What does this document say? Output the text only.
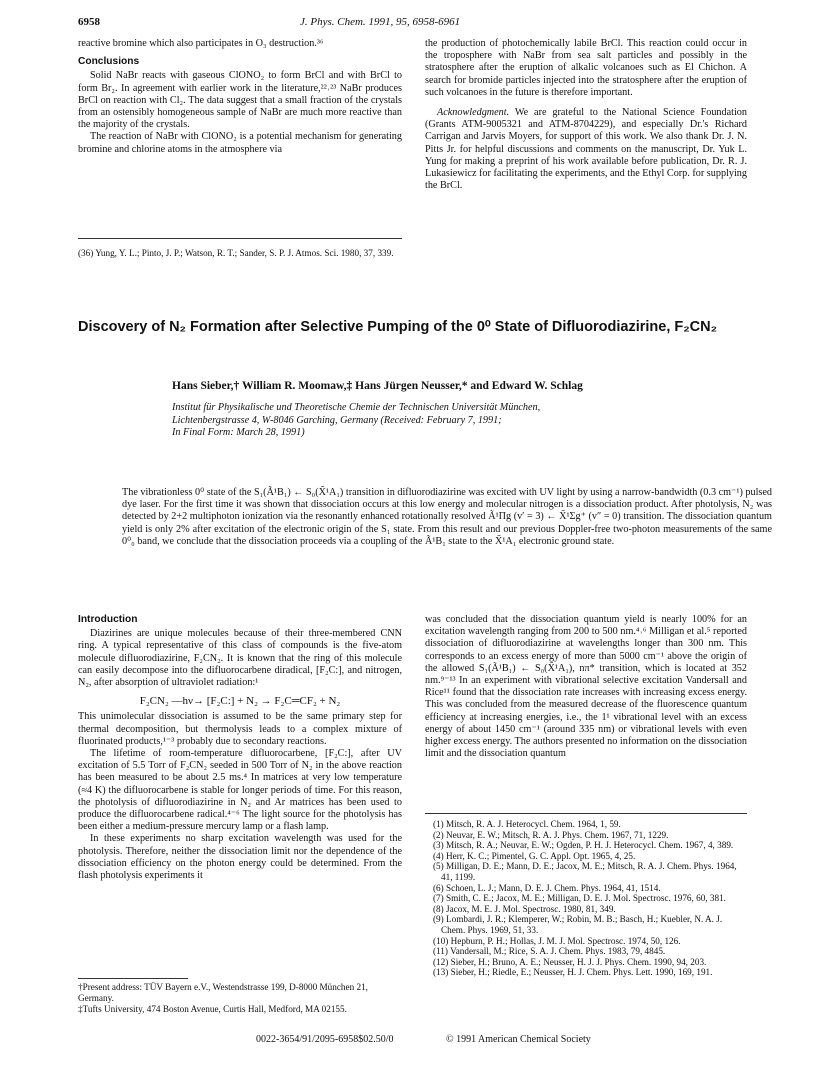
6958	J. Phys. Chem. 1991, 95, 6958-6961

reactive bromine which also participates in O₃ destruction.³⁶

Conclusions

Solid NaBr reacts with gaseous ClONO₂ to form BrCl and with BrCl to form Br₂. In agreement with earlier work in the literature,²²˒²³ NaBr produces BrCl on reaction with Cl₂. The data suggest that a small fraction of the crystals from an ostensibly homogeneous sample of NaBr are much more reactive than the majority of the crystals.

The reaction of NaBr with ClONO₂ is a potential mechanism for generating bromine and chlorine atoms in the atmosphere via

(36) Yung, Y. L.; Pinto, J. P.; Watson, R. T.; Sander, S. P. J. Atmos. Sci. 1980, 37, 339.

the production of photochemically labile BrCl. This reaction could occur in the troposphere with NaBr from sea salt particles and possibly in the stratosphere after the eruption of alkalic volcanoes such as El Chichon. A search for bromide particles injected into the stratosphere after the eruption of such volcanoes in the future is therefore important.

Acknowledgment. We are grateful to the National Science Foundation (Grants ATM-9005321 and ATM-8704229), and especially Dr.'s Richard Carrigan and Jarvis Moyers, for support of this work. We also thank Dr. J. N. Pitts Jr. for helpful discussions and comments on the manuscript, Dr. Yuk L. Yung for making a preprint of his work available before publication, Dr. R. J. Lukasiewicz for facilitating the experiments, and the Ethyl Corp. for supplying the BrCl.

Discovery of N₂ Formation after Selective Pumping of the 0⁰ State of Difluorodiazirine, F₂CN₂
Hans Sieber,† William R. Moomaw,‡ Hans Jürgen Neusser,* and Edward W. Schlag
Institut für Physikalische und Theoretische Chemie der Technischen Universität München,
Lichtenbergstrasse 4, W-8046 Garching, Germany (Received: February 7, 1991;
In Final Form: March 28, 1991)
The vibrationless 0⁰ state of the S₁(Ã¹B₁) ← S₀(X̃¹A₁) transition in difluorodiazirine was excited with UV light by using a narrow-bandwidth (0.3 cm⁻¹) pulsed dye laser. For the first time it was shown that dissociation occurs at this low energy and molecular nitrogen is a dissociation product. After photolysis, N₂ was detected by 2+2 multiphoton ionization via the resonantly enhanced rotationally resolved Ã¹Πg (v′ = 3) ← X̃¹Σg⁺ (v″ = 0) transition. The dissociation quantum yield is only 2% after excitation of the electronic origin of the S₁ state. From this result and our previous Doppler-free two-photon measurements of the same 0⁰₀ band, we conclude that the dissociation proceeds via a coupling of the Ã¹B₁ state to the X̃¹A₁ electronic ground state.
Introduction

Diazirines are unique molecules because of their three-membered CNN ring. A typical representative of this class of compounds is the five-atom molecule difluorodiazirine, F₂CN₂. It is known that the ring of this molecule can easily decompose into the difluorocarbene diradical, [F₂C:], and nitrogen, N₂, after absorption of ultraviolet radiation:¹

F₂CN₂ —hν→ [F₂C:] + N₂ → F₂C═CF₂ + N₂

This unimolecular dissociation is assumed to be the same primary step for thermal decomposition, but thermolysis leads to a complex mixture of fluorinated products,¹⁻³ probably due to secondary reactions.

The lifetime of room-temperature difluorocarbene, [F₂C:], after UV excitation of 5.5 Torr of F₂CN₂ seeded in 500 Torr of N₂ in the above reaction has been measured to be about 2.5 ms.⁴ In matrices at very low temperature (≈4 K) the difluorocarbene is stable for longer periods of time. For this reason, the photolysis of difluorodiazirine in N₂ and Ar matrices has been used to produce the difluorocarbene radical.⁴⁻⁶ The light source for the photolysis has been either a medium-pressure mercury lamp or a flash lamp.

In these experiments no sharp excitation wavelength was used for the photolysis. Therefore, neither the dissociation limit nor the dependence of the dissociation efficiency on the photon energy could be determined. From the flash photolysis experiments it

†Present address: TÜV Bayern e.V., Westendstrasse 199, D-8000 München 21, Germany.
‡Tufts University, 474 Boston Avenue, Curtis Hall, Medford, MA 02155.

was concluded that the dissociation quantum yield is nearly 100% for an excitation wavelength ranging from 200 to 500 nm.⁴˒⁶ Milligan et al.⁵ reported dissociation of difluorodiazirine at wavelengths longer than 300 nm. This corresponds to an excess energy of more than 5000 cm⁻¹ above the origin of the allowed S₁(Ã¹B₁) ← S₀(X̃¹A₁), nπ* transition, which is located at 352 nm.⁹⁻¹³ In an experiment with vibrational selective excitation Vandersall and Rice¹¹ found that the dissociation rate increases with increasing excess energy. This was concluded from the measured decrease of the fluorescence quantum efficiency at increasing energies, i.e., the 1¹ vibrational level with an excess energy of about 1450 cm⁻¹ (around 335 nm) or vibrational levels with even higher excess energy. The authors presented no information on the dissociation limit and the dissociation quantum

(1) Mitsch, R. A. J. Heterocycl. Chem. 1964, 1, 59.
(2) Neuvar, E. W.; Mitsch, R. A. J. Phys. Chem. 1967, 71, 1229.
(3) Mitsch, R. A.; Neuvar, E. W.; Ogden, P. H. J. Heterocycl. Chem. 1967, 4, 389.
(4) Herr, K. C.; Pimentel, G. C. Appl. Opt. 1965, 4, 25.
(5) Milligan, D. E.; Mann, D. E.; Jacox, M. E.; Mitsch, R. A. J. Chem. Phys. 1964, 41, 1199.
(6) Schoen, L. J.; Mann, D. E. J. Chem. Phys. 1964, 41, 1514.
(7) Smith, C. E.; Jacox, M. E.; Milligan, D. E. J. Mol. Spectrosc. 1976, 60, 381.
(8) Jacox, M. E. J. Mol. Spectrosc. 1980, 81, 349.
(9) Lombardi, J. R.; Klemperer, W.; Robin, M. B.; Basch, H.; Kuebler, N. A. J. Chem. Phys. 1969, 51, 33.
(10) Hepburn, P. H.; Hollas, J. M. J. Mol. Spectrosc. 1974, 50, 126.
(11) Vandersall, M.; Rice, S. A. J. Chem. Phys. 1983, 79, 4845.
(12) Sieber, H.; Bruno, A. E.; Neusser, H. J. J. Phys. Chem. 1990, 94, 203.
(13) Sieber, H.; Riedle, E.; Neusser, H. J. Chem. Phys. Lett. 1990, 169, 191.
0022-3654/91/2095-6958$02.50/0	© 1991 American Chemical Society
